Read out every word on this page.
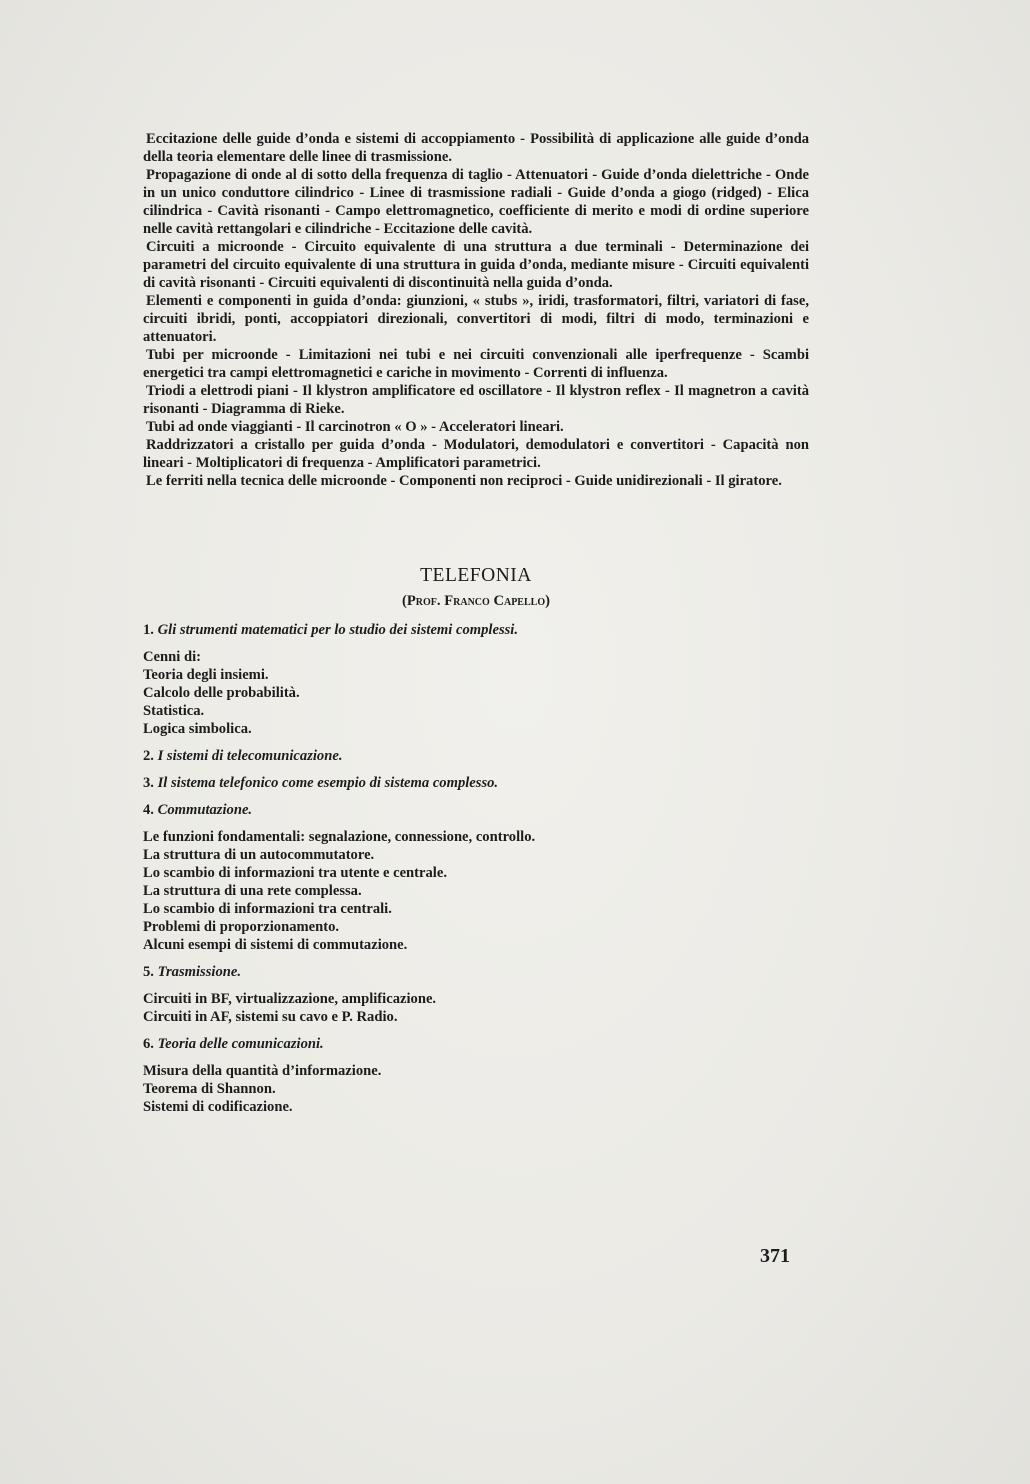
Eccitazione delle guide d’onda e sistemi di accoppiamento - Possibilità di applicazione alle guide d’onda della teoria elementare delle linee di trasmissione.

Propagazione di onde al di sotto della frequenza di taglio - Attenuatori - Guide d’onda dielettriche - Onde in un unico conduttore cilindrico - Linee di trasmissione radiali - Guide d’onda a giogo (ridged) - Elica cilindrica - Cavità risonanti - Campo elettromagnetico, coefficiente di merito e modi di ordine superiore nelle cavità rettangolari e cilindriche - Eccitazione delle cavità.

Circuiti a microonde - Circuito equivalente di una struttura a due terminali - Determinazione dei parametri del circuito equivalente di una struttura in guida d’onda, mediante misure - Circuiti equivalenti di cavità risonanti - Circuiti equivalenti di discontinuità nella guida d’onda.

Elementi e componenti in guida d’onda: giunzioni, « stubs », iridi, trasformatori, filtri, variatori di fase, circuiti ibridi, ponti, accoppiatori direzionali, convertitori di modi, filtri di modo, terminazioni e attenuatori.

Tubi per microonde - Limitazioni nei tubi e nei circuiti convenzionali alle iperfrequenze - Scambi energetici tra campi elettromagnetici e cariche in movimento - Correnti di influenza.

Triodi a elettrodi piani - Il klystron amplificatore ed oscillatore - Il klystron reflex - Il magnetron a cavità risonanti - Diagramma di Rieke.

Tubi ad onde viaggianti - Il carcinotron « O » - Acceleratori lineari.

Raddrizzatori a cristallo per guida d’onda - Modulatori, demodulatori e convertitori - Capacità non lineari - Moltiplicatori di frequenza - Amplificatori parametrici.

Le ferriti nella tecnica delle microonde - Componenti non reciproci - Guide unidirezionali - Il giratore.

TELEFONIA
(Prof. Franco Capello)

1. Gli strumenti matematici per lo studio dei sistemi complessi.

Cenni di:

Teoria degli insiemi.

Calcolo delle probabilità.

Statistica.

Logica simbolica.

2. I sistemi di telecomunicazione.

3. Il sistema telefonico come esempio di sistema complesso.

4. Commutazione.

Le funzioni fondamentali: segnalazione, connessione, controllo.

La struttura di un autocommutatore.

Lo scambio di informazioni tra utente e centrale.

La struttura di una rete complessa.

Lo scambio di informazioni tra centrali.

Problemi di proporzionamento.

Alcuni esempi di sistemi di commutazione.

5. Trasmissione.

Circuiti in BF, virtualizzazione, amplificazione.

Circuiti in AF, sistemi su cavo e P. Radio.

6. Teoria delle comunicazioni.

Misura della quantità d’informazione.

Teorema di Shannon.

Sistemi di codificazione.

371
